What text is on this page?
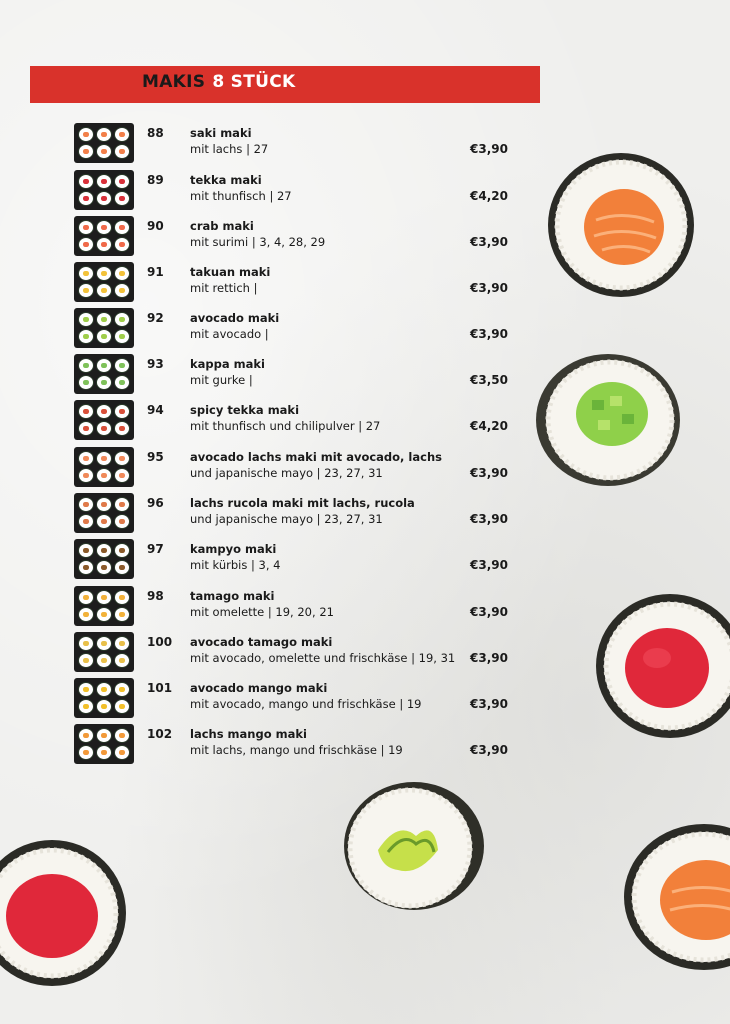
MAKIS 8 STÜCK
88 saki maki
mit lachs | 27	€3,90
89 tekka maki
mit thunfisch | 27	€4,20
90 crab maki
mit surimi | 3, 4, 28, 29	€3,90
91 takuan maki
mit rettich |	€3,90
92 avocado maki
mit avocado |	€3,90
93 kappa maki
mit gurke |	€3,50
94 spicy tekka maki
mit thunfisch und chilipulver | 27	€4,20
95 avocado lachs maki mit avocado, lachs
und japanische mayo | 23, 27, 31	€3,90
96 lachs rucola maki mit lachs, rucola
und japanische mayo | 23, 27, 31	€3,90
97 kampyo maki
mit kürbis | 3, 4	€3,90
98 tamago maki
mit omelette | 19, 20, 21	€3,90
100 avocado tamago maki
mit avocado, omelette und frischkäse | 19, 31 €3,90
101 avocado mango maki
mit avocado, mango und frischkäse | 19	€3,90
102 lachs mango maki
mit lachs, mango und frischkäse | 19	€3,90
